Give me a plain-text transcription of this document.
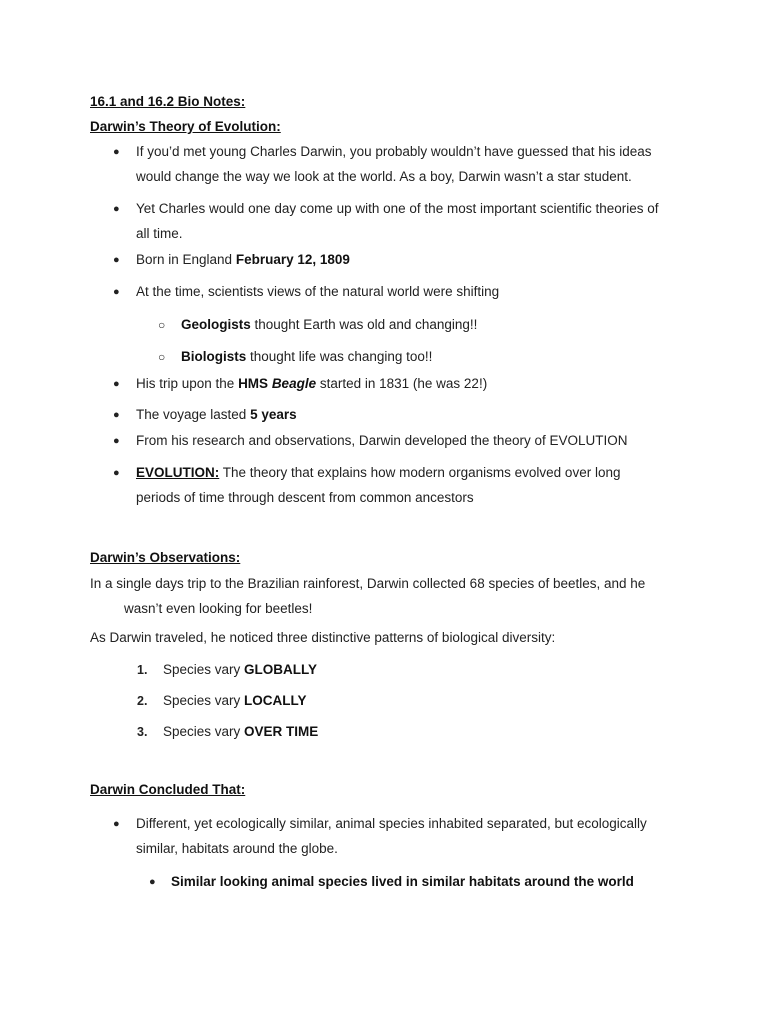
16.1 and 16.2 Bio Notes:
Darwin’s Theory of Evolution:
● If you’d met young Charles Darwin, you probably wouldn’t have guessed that his ideas
would change the way we look at the world. As a boy, Darwin wasn’t a star student.
● Yet Charles would one day come up with one of the most important scientific theories of
all time.
● Born in England February 12, 1809
● At the time, scientists views of the natural world were shifting
○ Geologists thought Earth was old and changing!!
○ Biologists thought life was changing too!!
● His trip upon the HMS Beagle started in 1831 (he was 22!)
● The voyage lasted 5 years
● From his research and observations, Darwin developed the theory of EVOLUTION
● EVOLUTION: The theory that explains how modern organisms evolved over long
periods of time through descent from common ancestors
Darwin’s Observations:
In a single days trip to the Brazilian rainforest, Darwin collected 68 species of beetles, and he
wasn’t even looking for beetles!
As Darwin traveled, he noticed three distinctive patterns of biological diversity:
1. Species vary GLOBALLY
2. Species vary LOCALLY
3. Species vary OVER TIME
Darwin Concluded That:
● Different, yet ecologically similar, animal species inhabited separated, but ecologically
similar, habitats around the globe.
● Similar looking animal species lived in similar habitats around the world
